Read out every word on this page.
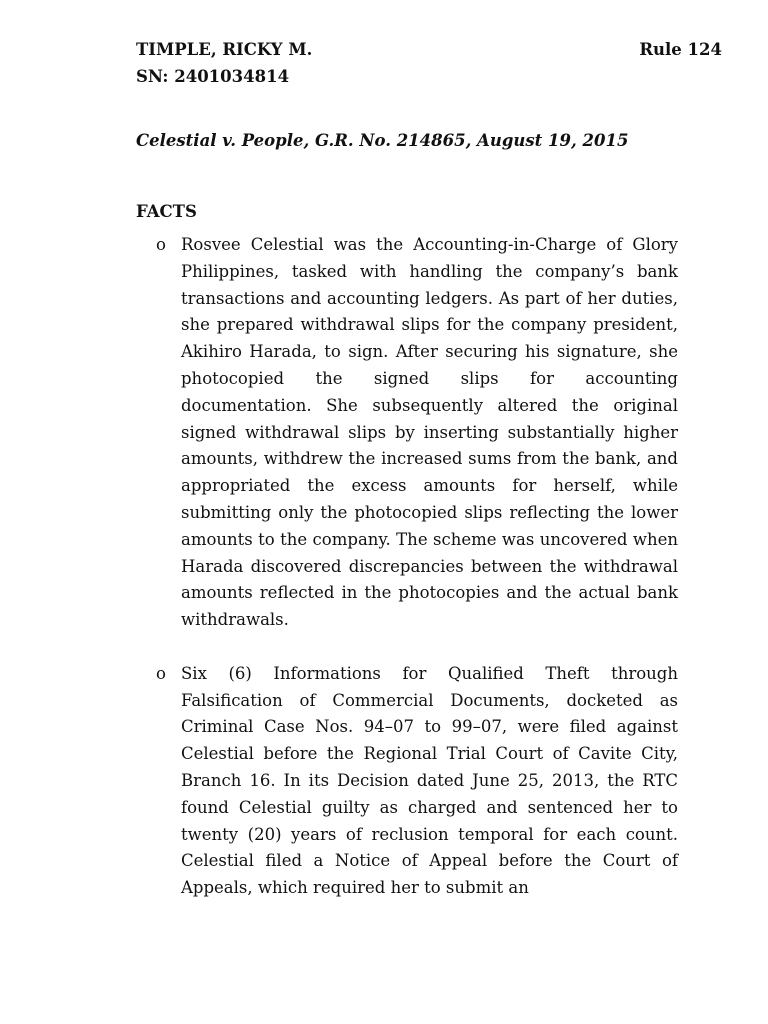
TIMPLE, RICKY M.	Rule 124
SN: 2401034814
Celestial v. People, G.R. No. 214865, August 19, 2015
FACTS
o Rosvee Celestial was the Accounting-in-Charge of Glory Philippines, tasked with handling the company’s bank transactions and accounting ledgers. As part of her duties, she prepared withdrawal slips for the company president, Akihiro Harada, to sign. After securing his signature, she photocopied the signed slips for accounting documentation. She subsequently altered the original signed withdrawal slips by inserting substantially higher amounts, withdrew the increased sums from the bank, and appropriated the excess amounts for herself, while submitting only the photocopied slips reflecting the lower amounts to the company. The scheme was uncovered when Harada discovered discrepancies between the withdrawal amounts reflected in the photocopies and the actual bank withdrawals.
o Six (6) Informations for Qualified Theft through Falsification of Commercial Documents, docketed as Criminal Case Nos. 94–07 to 99–07, were filed against Celestial before the Regional Trial Court of Cavite City, Branch 16. In its Decision dated June 25, 2013, the RTC found Celestial guilty as charged and sentenced her to twenty (20) years of reclusion temporal for each count. Celestial filed a Notice of Appeal before the Court of Appeals, which required her to submit an
